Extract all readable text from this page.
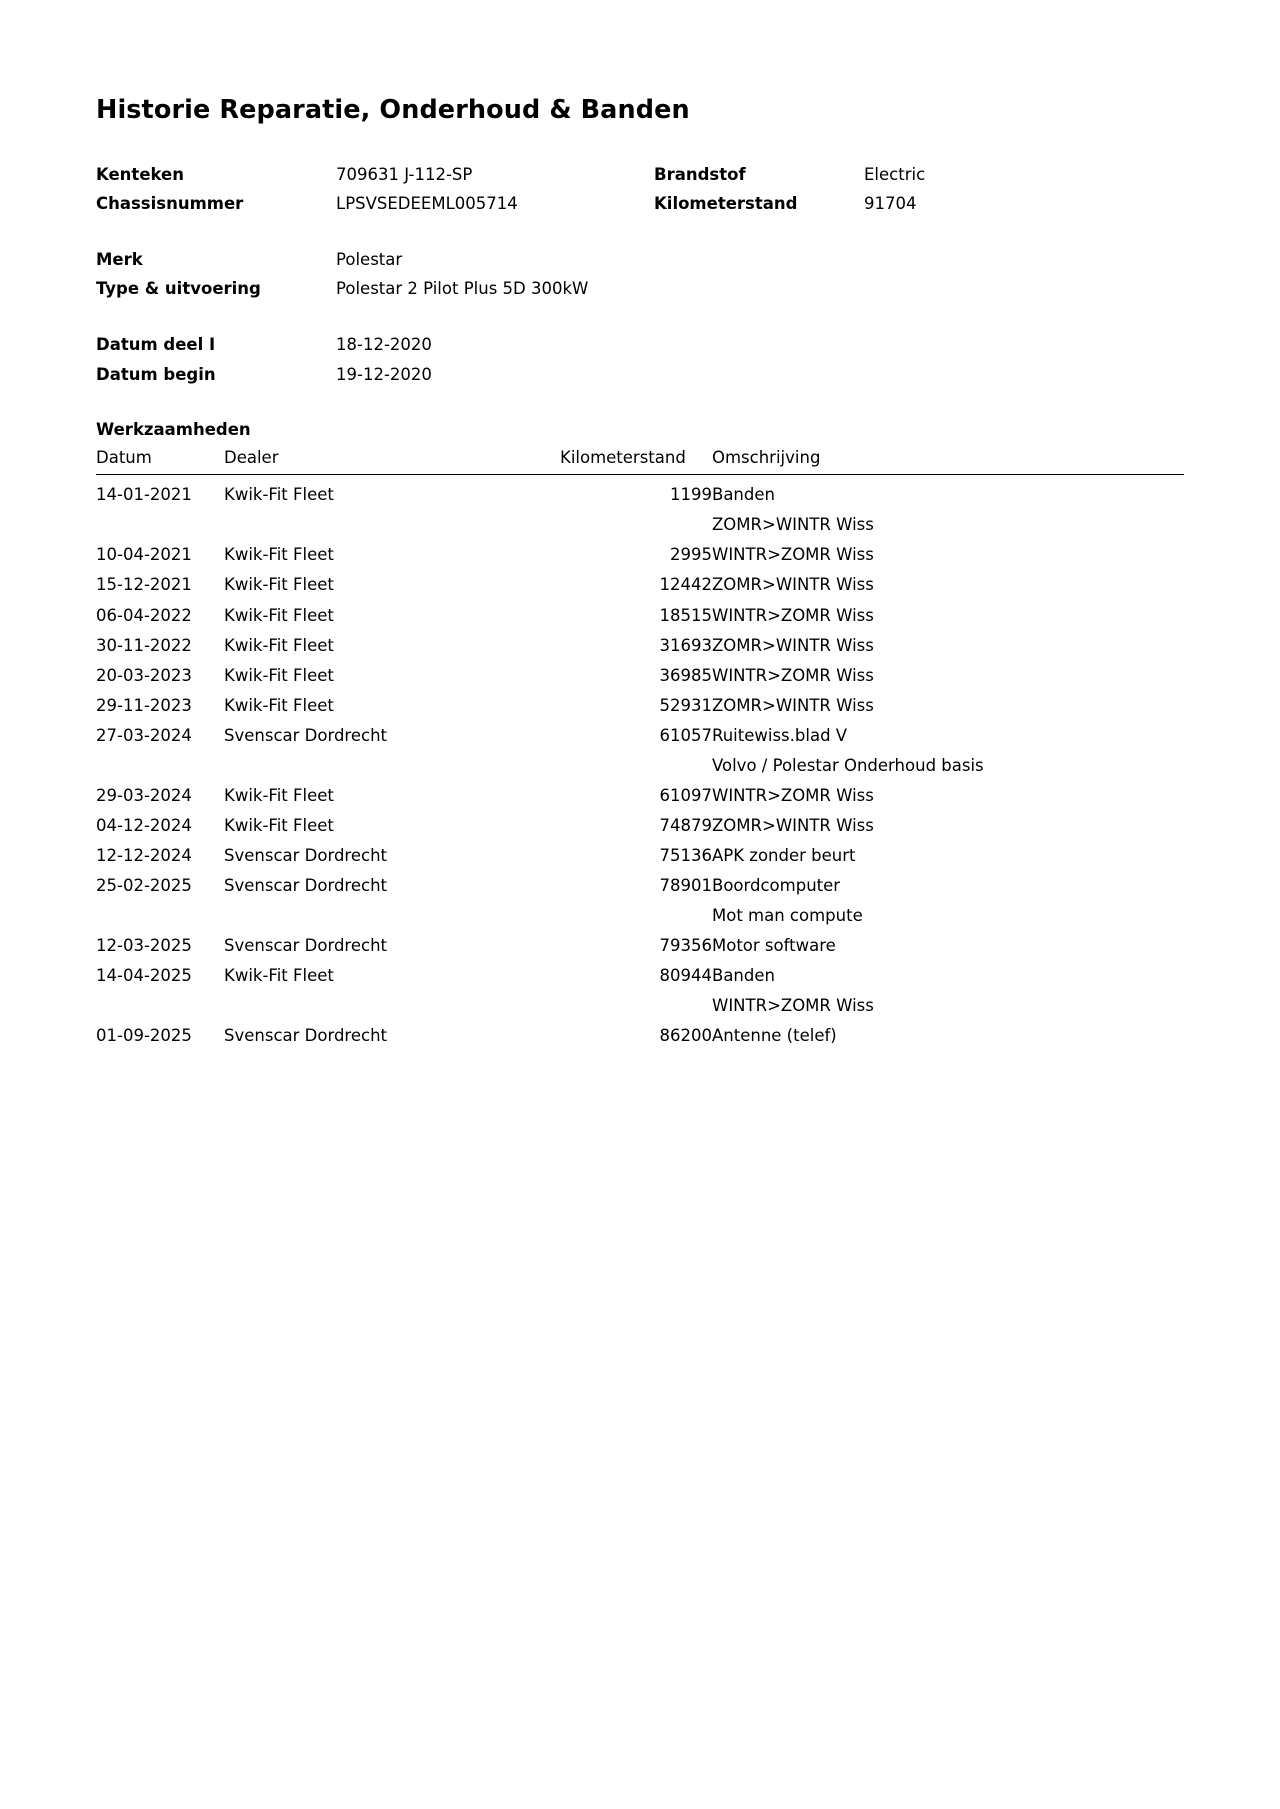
Historie Reparatie, Onderhoud & Banden
Kenteken	709631 J-112-SP	Brandstof	Electric
Chassisnummer	LPSVSEDEEML005714	Kilometerstand	91704
Merk	Polestar
Type & uitvoering	Polestar 2 Pilot Plus 5D 300kW
Datum deel I	18-12-2020
Datum begin	19-12-2020
Werkzaamheden
Datum	Dealer	Kilometerstand	Omschrijving
14-01-2021	Kwik-Fit Fleet	1199	Banden
			ZOMR>WINTR Wiss
10-04-2021	Kwik-Fit Fleet	2995	WINTR>ZOMR Wiss
15-12-2021	Kwik-Fit Fleet	12442	ZOMR>WINTR Wiss
06-04-2022	Kwik-Fit Fleet	18515	WINTR>ZOMR Wiss
30-11-2022	Kwik-Fit Fleet	31693	ZOMR>WINTR Wiss
20-03-2023	Kwik-Fit Fleet	36985	WINTR>ZOMR Wiss
29-11-2023	Kwik-Fit Fleet	52931	ZOMR>WINTR Wiss
27-03-2024	Svenscar Dordrecht	61057	Ruitewiss.blad V
			Volvo / Polestar Onderhoud basis
29-03-2024	Kwik-Fit Fleet	61097	WINTR>ZOMR Wiss
04-12-2024	Kwik-Fit Fleet	74879	ZOMR>WINTR Wiss
12-12-2024	Svenscar Dordrecht	75136	APK zonder beurt
25-02-2025	Svenscar Dordrecht	78901	Boordcomputer
			Mot man compute
12-03-2025	Svenscar Dordrecht	79356	Motor software
14-04-2025	Kwik-Fit Fleet	80944	Banden
			WINTR>ZOMR Wiss
01-09-2025	Svenscar Dordrecht	86200	Antenne (telef)
